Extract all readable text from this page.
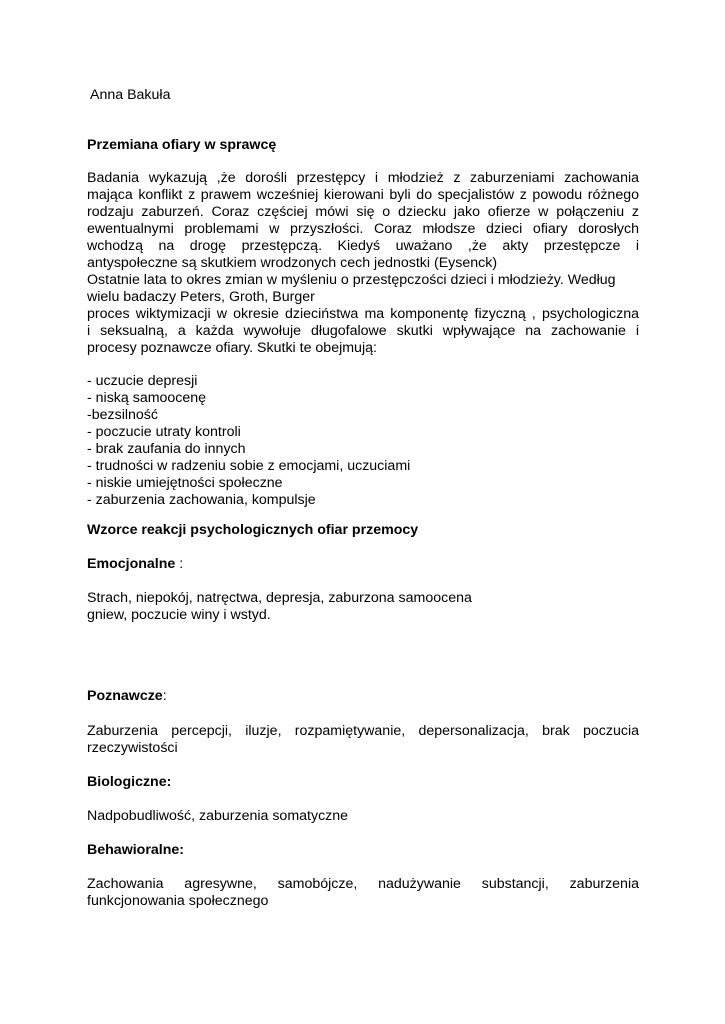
Anna Bakuła

Przemiana ofiary w sprawcę

Badania wykazują ,że dorośli przestępcy i młodzież z zaburzeniami zachowania
mająca konflikt z prawem wcześniej kierowani byli do specjalistów z powodu różnego
rodzaju zaburzeń. Coraz częściej mówi się o dziecku jako ofierze w połączeniu z
ewentualnymi problemami w przyszłości. Coraz młodsze dzieci ofiary dorosłych
wchodzą na drogę przestępczą. Kiedyś uważano ,że akty przestępcze i
antyspołeczne są skutkiem wrodzonych cech jednostki (Eysenck)
Ostatnie lata to okres zmian w myśleniu o przestępczości dzieci i młodzieży. Według
wielu badaczy Peters, Groth, Burger
proces wiktymizacji w okresie dzieciństwa ma komponentę fizyczną , psychologiczna
i seksualną, a każda wywołuje długofalowe skutki wpływające na zachowanie i
procesy poznawcze ofiary. Skutki te obejmują:
- uczucie depresji
- niską samoocenę
-bezsilność
- poczucie utraty kontroli
- brak zaufania do innych
- trudności w radzeniu sobie z emocjami, uczuciami
- niskie umiejętności społeczne
- zaburzenia zachowania, kompulsje

Wzorce reakcji psychologicznych ofiar przemocy

Emocjonalne :

Strach, niepokój, natręctwa, depresja, zaburzona samoocena
gniew, poczucie winy i wstyd.

Poznawcze:

Zaburzenia percepcji, iluzje, rozpamiętywanie, depersonalizacja, brak poczucia
rzeczywistości

Biologiczne:

Nadpobudliwość, zaburzenia somatyczne

Behawioralne:

Zachowania agresywne, samobójcze, nadużywanie substancji, zaburzenia
funkcjonowania społecznego
